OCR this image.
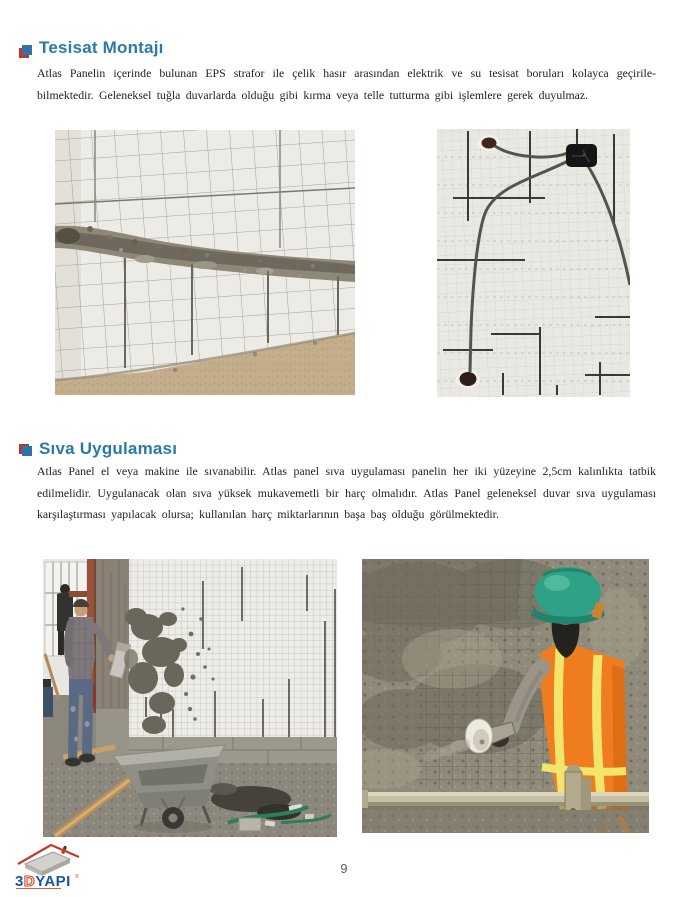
Tesisat Montajı
Atlas Panelin içerinde bulunan EPS strafor ile çelik hasır arasından elektrik ve su tesisat boruları kolayca geçirile-
bilmektedir. Geleneksel tuğla duvarlarda olduğu gibi kırma veya telle tutturma gibi işlemlere gerek duyulmaz.
Sıva Uygulaması
Atlas Panel el veya makine ile sıvanabilir. Atlas panel sıva uygulaması panelin her iki yüzeyine 2,5cm kalınlıkta tatbik
edilmelidir. Uygulanacak olan sıva yüksek mukavemetli bir harç olmalıdır. Atlas Panel geleneksel duvar sıva uygulaması
karşılaştırması yapılacak olursa; kullanılan harç miktarlarının başa baş olduğu görülmektedir.
3DYAPI ®
9
